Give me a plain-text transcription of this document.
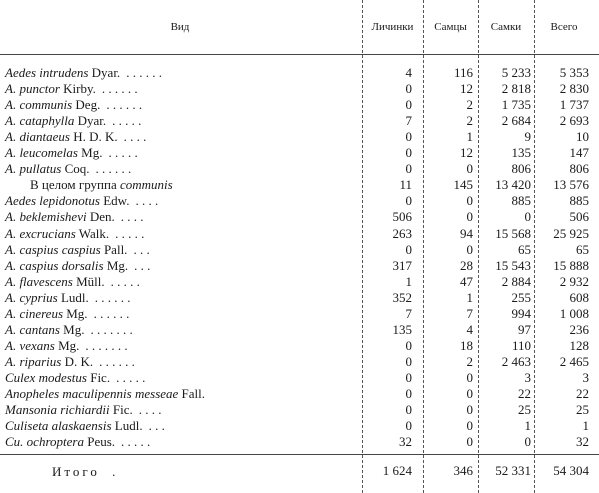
Вид	Личинки	Самцы	Самки	Всего
Aedes intrudens Dyar. . . . . . .	4	116	5 233	5 353
A. punctor Kirby. . . . . . .	0	12	2 818	2 830
A. communis Deg. . . . . . .	0	2	1 735	1 737
A. cataphylla Dyar. . . . . .	7	2	2 684	2 693
A. diantaeus H. D. K. . . . .	0	1	9	10
A. leucomelas Mg. . . . . .	0	12	135	147
A. pullatus Coq. . . . . . .	0	0	806	806
В целом группа communis	11	145	13 420	13 576
Aedes lepidonotus Edw. . . . .	0	0	885	885
A. beklemishevi Den. . . . .	506	0	0	506
A. excrucians Walk. . . . . .	263	94	15 568	25 925
A. caspius caspius Pall. . . .	0	0	65	65
A. caspius dorsalis Mg. . . .	317	28	15 543	15 888
A. flavescens Müll. . . . . .	1	47	2 884	2 932
A. cyprius Ludl. . . . . . .	352	1	255	608
A. cinereus Mg. . . . . . .	7	7	994	1 008
A. cantans Mg. . . . . . . .	135	4	97	236
A. vexans Mg. . . . . . . .	0	18	110	128
A. riparius D. K. . . . . . .	0	2	2 463	2 465
Culex modestus Fic. . . . . .	0	0	3	3
Anopheles maculipennis messeae Fall.	0	0	22	22
Mansonia richiardii Fic. . . . .	0	0	25	25
Culiseta alaskaensis Ludl. . . .	0	0	1	1
Cu. ochroptera Peus. . . . . .	32	0	0	32
Итого .	1 624	346	52 331	54 304
